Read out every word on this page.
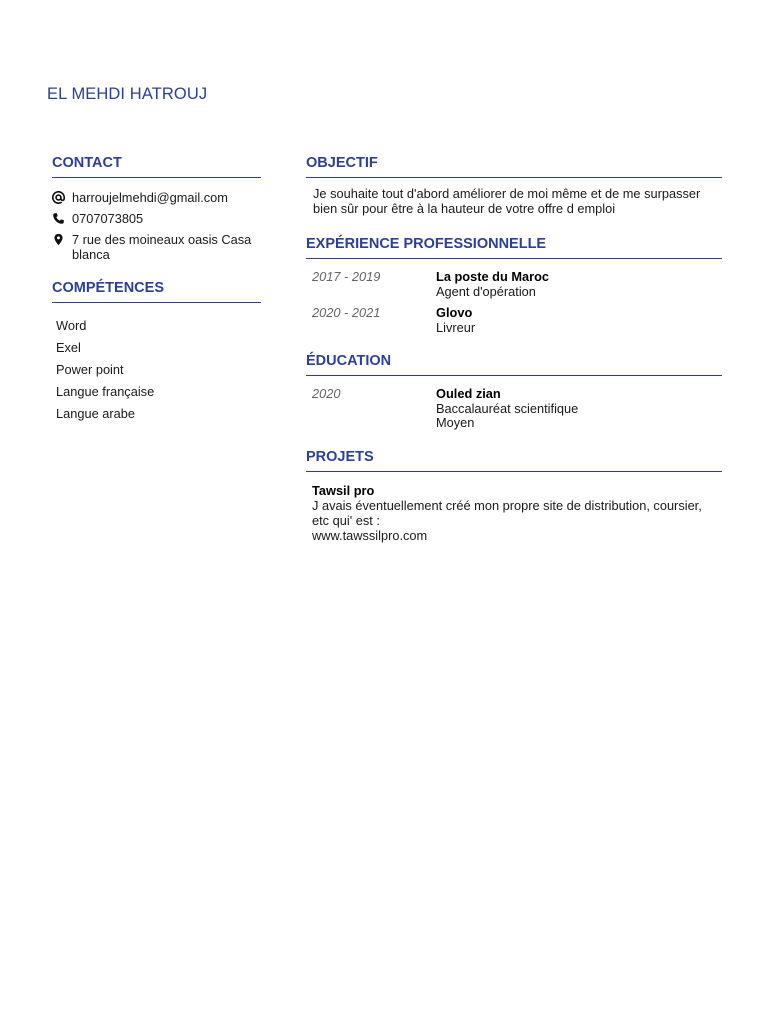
EL MEHDI HATROUJ
CONTACT
harroujelmehdi@gmail.com
0707073805
7 rue des moineaux oasis Casa blanca
COMPÉTENCES
Word
Exel
Power point
Langue française
Langue arabe
OBJECTIF

Je souhaite tout d'abord améliorer de moi même et de me surpasser bien sûr pour être à la hauteur de votre offre d emploi

EXPÉRIENCE PROFESSIONNELLE
2017 - 2019	La poste du Maroc
Agent d'opération
2020 - 2021	Glovo
Livreur
ÉDUCATION
2020	Ouled zian
Baccalauréat scientifique
Moyen
PROJETS
Tawsil pro
J avais éventuellement créé mon propre site de distribution, coursier, etc qui' est :
www.tawssilpro.com
